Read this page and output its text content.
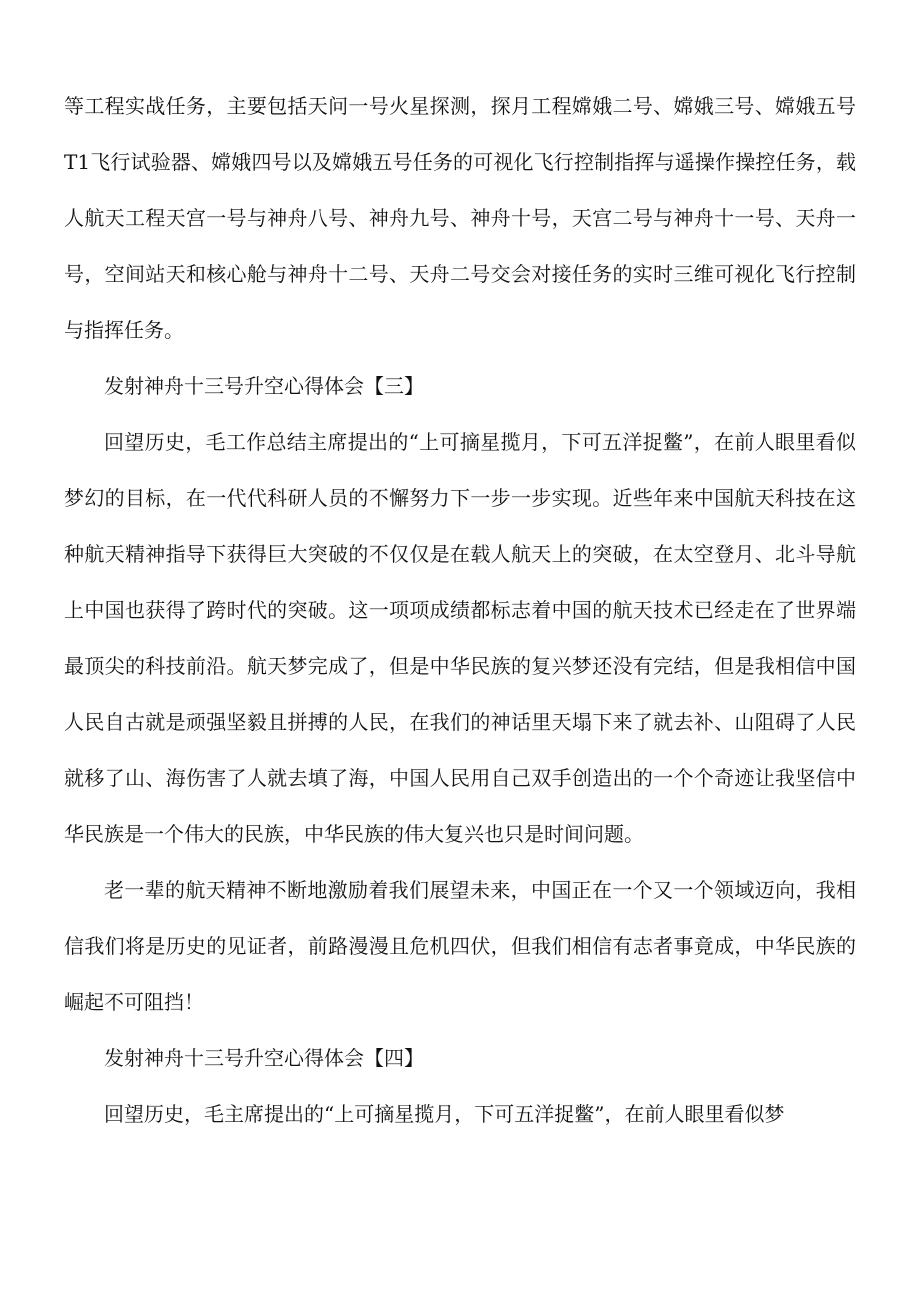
等工程实战任务，主要包括天问一号火星探测，探月工程嫦娥二号、嫦娥三号、嫦娥五号T1飞行试验器、嫦娥四号以及嫦娥五号任务的可视化飞行控制指挥与遥操作操控任务，载人航天工程天宫一号与神舟八号、神舟九号、神舟十号，天宫二号与神舟十一号、天舟一号，空间站天和核心舱与神舟十二号、天舟二号交会对接任务的实时三维可视化飞行控制与指挥任务。

发射神舟十三号升空心得体会【三】

回望历史，毛工作总结主席提出的“上可摘星揽月，下可五洋捉鳖”，在前人眼里看似梦幻的目标，在一代代科研人员的不懈努力下一步一步实现。近些年来中国航天科技在这种航天精神指导下获得巨大突破的不仅仅是在载人航天上的突破，在太空登月、北斗导航上中国也获得了跨时代的突破。这一项项成绩都标志着中国的航天技术已经走在了世界端最顶尖的科技前沿。航天梦完成了，但是中华民族的复兴梦还没有完结，但是我相信中国人民自古就是顽强坚毅且拼搏的人民，在我们的神话里天塌下来了就去补、山阻碍了人民就移了山、海伤害了人就去填了海，中国人民用自己双手创造出的一个个奇迹让我坚信中华民族是一个伟大的民族，中华民族的伟大复兴也只是时间问题。

老一辈的航天精神不断地激励着我们展望未来，中国正在一个又一个领域迈向，我相信我们将是历史的见证者，前路漫漫且危机四伏，但我们相信有志者事竟成，中华民族的崛起不可阻挡！

发射神舟十三号升空心得体会【四】

回望历史，毛主席提出的“上可摘星揽月，下可五洋捉鳖”，在前人眼里看似梦
